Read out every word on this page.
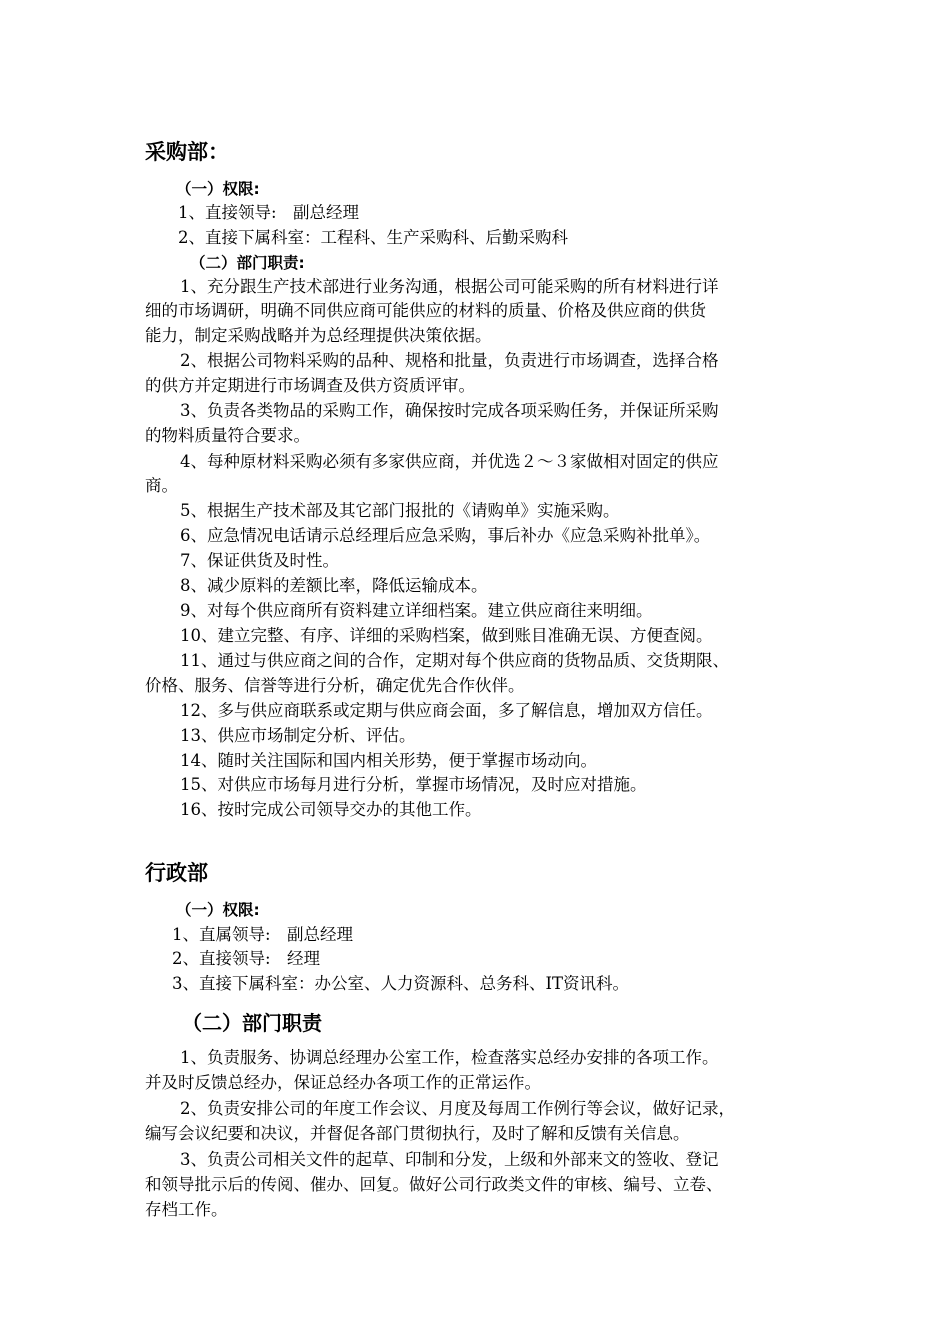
采购部：
（一）权限:
1、直接领导:　副总经理
2、直接下属科室：工程科、生产采购科、后勤采购科
（二）部门职责:
1、充分跟生产技术部进行业务沟通，根据公司可能采购的所有材料进行详
细的市场调研，明确不同供应商可能供应的材料的质量、价格及供应商的供货
能力，制定采购战略并为总经理提供决策依据。
2、根据公司物料采购的品种、规格和批量，负责进行市场调查，选择合格
的供方并定期进行市场调查及供方资质评审。
3、负责各类物品的采购工作，确保按时完成各项采购任务，并保证所采购
的物料质量符合要求。
4、每种原材料采购必须有多家供应商，并优选２～３家做相对固定的供应
商。
5、根据生产技术部及其它部门报批的《请购单》实施采购。
6、应急情况电话请示总经理后应急采购，事后补办《应急采购补批单》。
7、保证供货及时性。
8、减少原料的差额比率，降低运输成本。
9、对每个供应商所有资料建立详细档案。建立供应商往来明细。
10、建立完整、有序、详细的采购档案，做到账目准确无误、方便查阅。
11、通过与供应商之间的合作，定期对每个供应商的货物品质、交货期限、
价格、服务、信誉等进行分析，确定优先合作伙伴。
12、多与供应商联系或定期与供应商会面，多了解信息，增加双方信任。
13、供应市场制定分析、评估。
14、随时关注国际和国内相关形势，便于掌握市场动向。
15、对供应市场每月进行分析，掌握市场情况，及时应对措施。
16、按时完成公司领导交办的其他工作。
行政部
（一）权限:
1、直属领导:　副总经理
2、直接领导:　经理
3、直接下属科室：办公室、人力资源科、总务科、IT资讯科。
（二）部门职责
1、负责服务、协调总经理办公室工作，检查落实总经办安排的各项工作。
并及时反馈总经办，保证总经办各项工作的正常运作。
2、负责安排公司的年度工作会议、月度及每周工作例行等会议，做好记录，
编写会议纪要和决议，并督促各部门贯彻执行，及时了解和反馈有关信息。
3、负责公司相关文件的起草、印制和分发，上级和外部来文的签收、登记
和领导批示后的传阅、催办、回复。做好公司行政类文件的审核、编号、立卷、
存档工作。
